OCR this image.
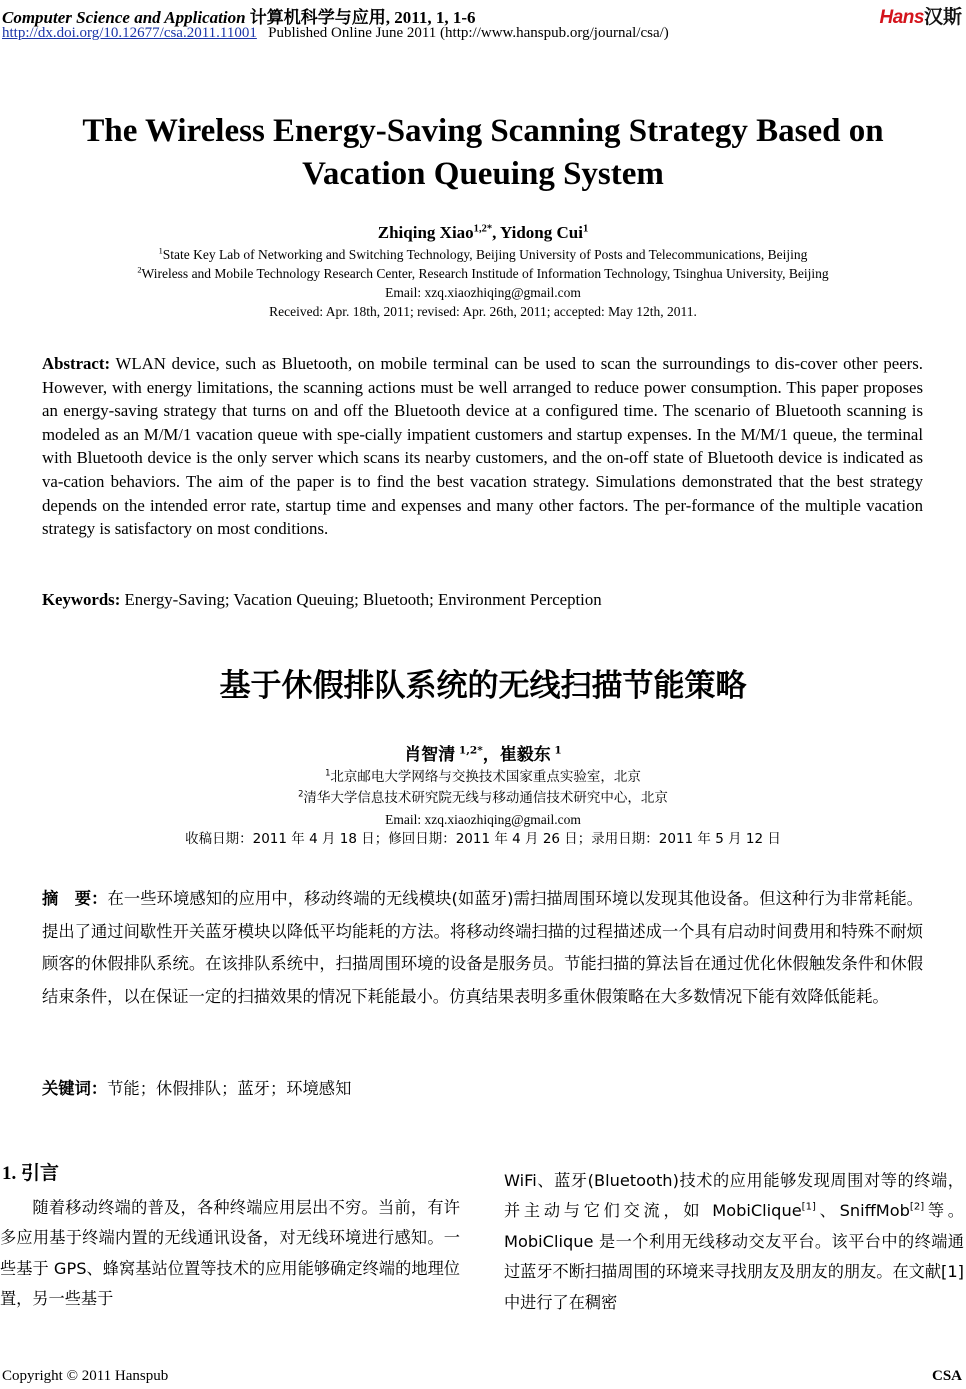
Computer Science and Application 计算机科学与应用, 2011, 1, 1-6
http://dx.doi.org/10.12677/csa.2011.11001 Published Online June 2011 (http://www.hanspub.org/journal/csa/)
Hans汉斯
The Wireless Energy-Saving Scanning Strategy Based on
Vacation Queuing System
Zhiqing Xiao$^{1,2*}$, Yidong Cui$^1$
$^1$State Key Lab of Networking and Switching Technology, Beijing University of Posts and Telecommunications, Beijing
$^2$Wireless and Mobile Technology Research Center, Research Institude of Information Technology, Tsinghua University, Beijing
Email: xzq.xiaozhiqing@gmail.com
Received: Apr. 18th, 2011; revised: Apr. 26th, 2011; accepted: May 12th, 2011.
Abstract: WLAN device, such as Bluetooth, on mobile terminal can be used to scan the surroundings to dis-cover other peers. However, with energy limitations, the scanning actions must be well arranged to reduce power consumption. This paper proposes an energy-saving strategy that turns on and off the Bluetooth device at a configured time. The scenario of Bluetooth scanning is modeled as an M/M/1 vacation queue with spe-cially impatient customers and startup expenses. In the M/M/1 queue, the terminal with Bluetooth device is the only server which scans its nearby customers, and the on-off state of Bluetooth device is indicated as va-cation behaviors. The aim of the paper is to find the best vacation strategy. Simulations demonstrated that the best strategy depends on the intended error rate, startup time and expenses and many other factors. The per-formance of the multiple vacation strategy is satisfactory on most conditions.
Keywords: Energy-Saving; Vacation Queuing; Bluetooth; Environment Perception
基于休假排队系统的无线扫描节能策略
肖智清 $^{1,2*}$，崔毅东 $^1$
$^1$北京邮电大学网络与交换技术国家重点实验室，北京
$^2$清华大学信息技术研究院无线与移动通信技术研究中心，北京
Email: xzq.xiaozhiqing@gmail.com
收稿日期：2011 年 4 月 18 日；修回日期：2011 年 4 月 26 日；录用日期：2011 年 5 月 12 日
摘　要：在一些环境感知的应用中，移动终端的无线模块(如蓝牙)需扫描周围环境以发现其他设备。但这种行为非常耗能。提出了通过间歇性开关蓝牙模块以降低平均能耗的方法。将移动终端扫描的过程描述成一个具有启动时间费用和特殊不耐烦顾客的休假排队系统。在该排队系统中，扫描周围环境的设备是服务员。节能扫描的算法旨在通过优化休假触发条件和休假结束条件，以在保证一定的扫描效果的情况下耗能最小。仿真结果表明多重休假策略在大多数情况下能有效降低能耗。
关键词：节能；休假排队；蓝牙；环境感知
1. 引言

随着移动终端的普及，各种终端应用层出不穷。当前，有许多应用基于终端内置的无线通讯设备，对无线环境进行感知。一些基于 GPS、蜂窝基站位置等技术的应用能够确定终端的地理位置，另一些基于

WiFi、蓝牙(Bluetooth)技术的应用能够发现周围对等的终端，并主动与它们交流，如 MobiClique[1]、SniffMob[2]等。MobiClique 是一个利用无线移动交友平台。该平台中的终端通过蓝牙不断扫描周围的环境来寻找朋友及朋友的朋友。在文献[1]中进行了在稠密

Copyright © 2011 Hanspub	CSA
